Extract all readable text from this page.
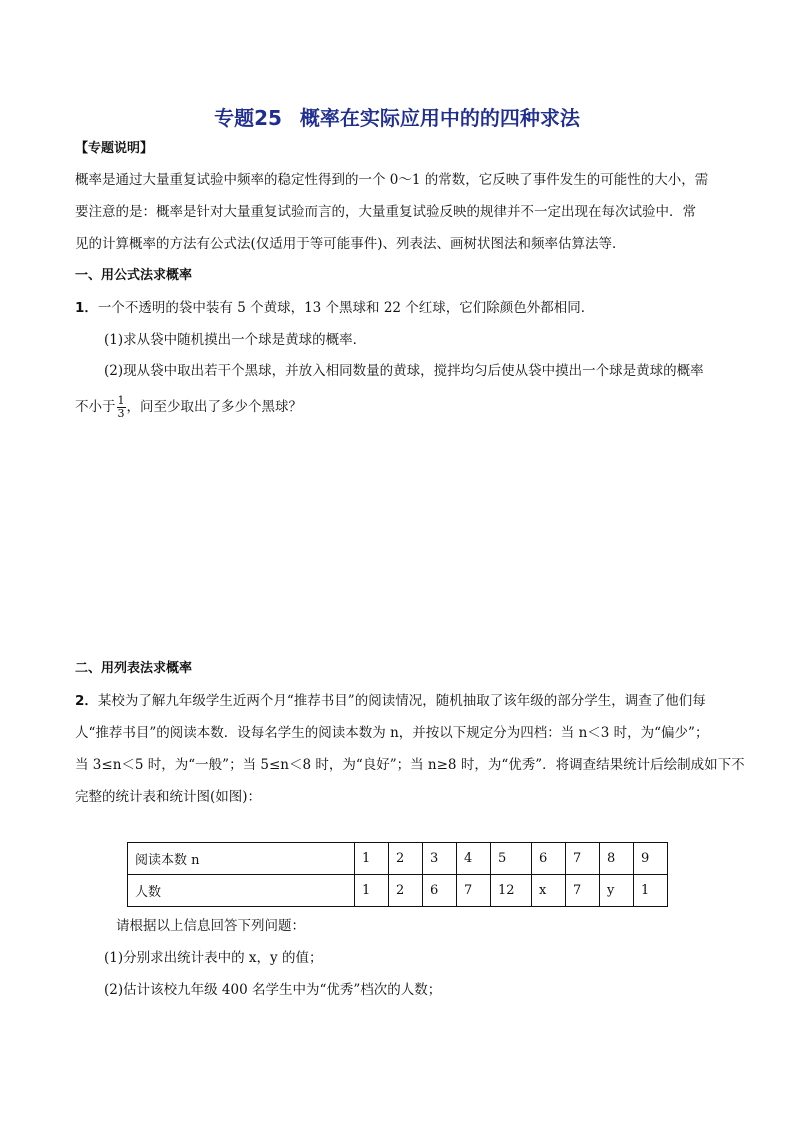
专题25 概率在实际应用中的的四种求法
【专题说明】
概率是通过大量重复试验中频率的稳定性得到的一个 0～1 的常数，它反映了事件发生的可能性的大小，需
要注意的是：概率是针对大量重复试验而言的，大量重复试验反映的规律并不一定出现在每次试验中．常
见的计算概率的方法有公式法(仅适用于等可能事件)、列表法、画树状图法和频率估算法等．
一、用公式法求概率
1．一个不透明的袋中装有 5 个黄球，13 个黑球和 22 个红球，它们除颜色外都相同．
(1)求从袋中随机摸出一个球是黄球的概率．
(2)现从袋中取出若干个黑球，并放入相同数量的黄球，搅拌均匀后使从袋中摸出一个球是黄球的概率
不小于 $\frac{1}{3}$ ，问至少取出了多少个黑球？
二、用列表法求概率
2．某校为了解九年级学生近两个月“推荐书目”的阅读情况，随机抽取了该年级的部分学生，调查了他们每
人“推荐书目”的阅读本数．设每名学生的阅读本数为 n，并按以下规定分为四档：当 n＜3 时，为“偏少”；
当 3≤n＜5 时，为“一般”；当 5≤n＜8 时，为“良好”；当 n≥8 时，为“优秀”．将调查结果统计后绘制成如下不
完整的统计表和统计图(如图)：
阅读本数 n	1	2	3	4	5	6	7	8	9
人数	1	2	6	7	12	x	7	y	1
请根据以上信息回答下列问题：
(1)分别求出统计表中的 x，y 的值；
(2)估计该校九年级 400 名学生中为“优秀”档次的人数；
